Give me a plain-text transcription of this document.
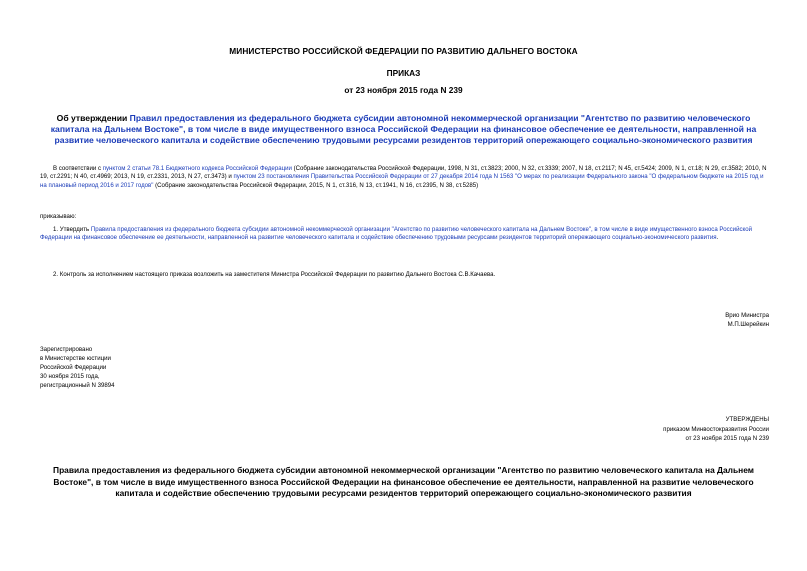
МИНИСТЕРСТВО РОССИЙСКОЙ ФЕДЕРАЦИИ ПО РАЗВИТИЮ ДАЛЬНЕГО ВОСТОКА
ПРИКАЗ
от 23 ноября 2015 года N 239
Об утверждении Правил предоставления из федерального бюджета субсидии автономной некоммерческой организации "Агентство по развитию человеческого капитала на Дальнем Востоке", в том числе в виде имущественного взноса Российской Федерации на финансовое обеспечение ее деятельности, направленной на развитие человеческого капитала и содействие обеспечению трудовыми ресурсами резидентов территорий опережающего социально-экономического развития
В соответствии с пунктом 2 статьи 78.1 Бюджетного кодекса Российской Федерации (Собрание законодательства Российской Федерации, 1998, N 31, ст.3823; 2000, N 32, ст.3339; 2007, N 18, ст.2117; N 45, ст.5424; 2009, N 1, ст.18; N 29, ст.3582; 2010, N 19, ст.2291; N 40, ст.4969; 2013, N 19, ст.2331, 2013, N 27, ст.3473) и пунктом 23 постановления Правительства Российской Федерации от 27 декабря 2014 года N 1563 "О мерах по реализации Федерального закона "О федеральном бюджете на 2015 год и на плановый период 2016 и 2017 годов" (Собрание законодательства Российской Федерации, 2015, N 1, ст.316, N 13, ст.1941, N 16, ст.2395, N 38, ст.5285)
приказываю:
1. Утвердить Правила предоставления из федерального бюджета субсидии автономной некоммерческой организации "Агентство по развитию человеческого капитала на Дальнем Востоке", в том числе в виде имущественного взноса Российской Федерации на финансовое обеспечение ее деятельности, направленной на развитие человеческого капитала и содействие обеспечению трудовыми ресурсами резидентов территорий опережающего социально-экономического развития.
2. Контроль за исполнением настоящего приказа возложить на заместителя Министра Российской Федерации по развитию Дальнего Востока С.В.Качаева.
Врио Министра
М.П.Шерейкин
Зарегистрировано
в Министерстве юстиции
Российской Федерации
30 ноября 2015 года,
регистрационный N 39894
УТВЕРЖДЕНЫ
приказом Минвостокразвития России
от 23 ноября 2015 года N 239
Правила предоставления из федерального бюджета субсидии автономной некоммерческой организации "Агентство по развитию человеческого капитала на Дальнем Востоке", в том числе в виде имущественного взноса Российской Федерации на финансовое обеспечение ее деятельности, направленной на развитие человеческого капитала и содействие обеспечению трудовыми ресурсами резидентов территорий опережающего социально-экономического развития
